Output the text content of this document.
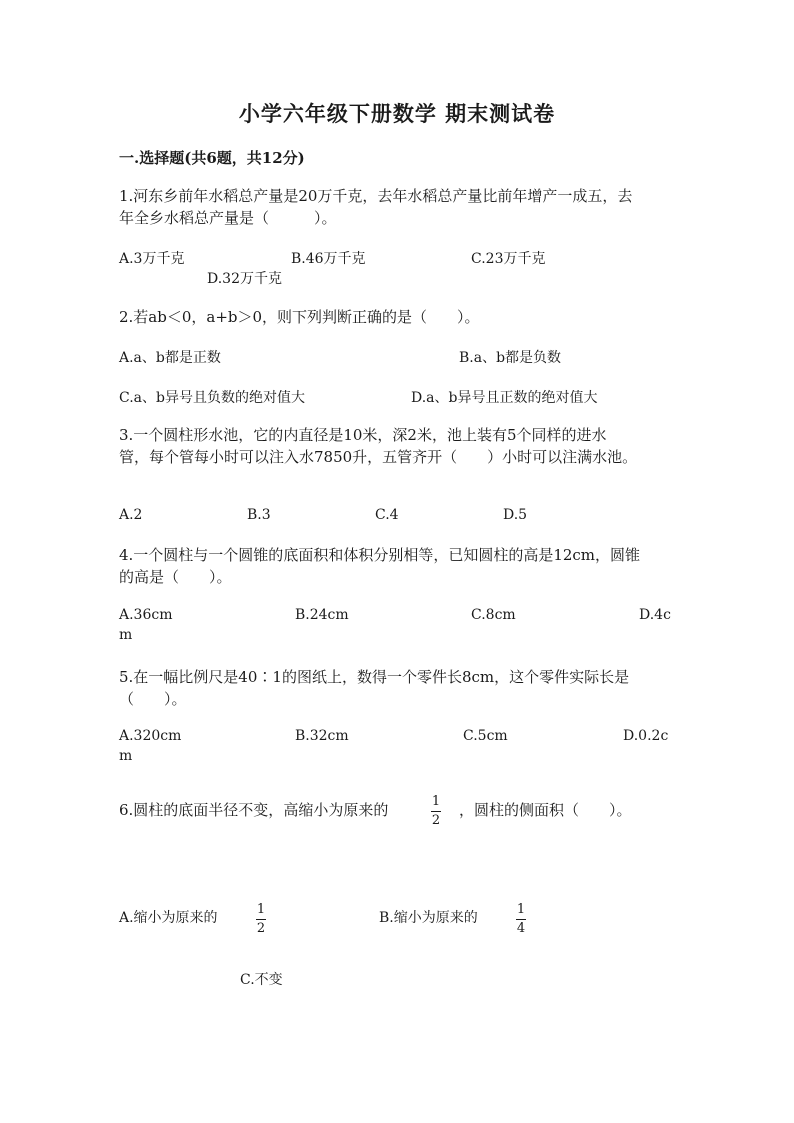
小学六年级下册数学 期末测试卷
一.选择题(共6题，共12分)
1.河东乡前年水稻总产量是20万千克，去年水稻总产量比前年增产一成五，去
年全乡水稻总产量是（　　　）。
A.3万千克	B.46万千克	C.23万千克
D.32万千克
2.若ab＜0，a+b＞0，则下列判断正确的是（　　）。
A.a、b都是正数	B.a、b都是负数
C.a、b异号且负数的绝对值大	D.a、b异号且正数的绝对值大
3.一个圆柱形水池，它的内直径是10米，深2米，池上装有5个同样的进水
管，每个管每小时可以注入水7850升，五管齐开（　　）小时可以注满水池。
A.2	B.3	C.4	D.5
4.一个圆柱与一个圆锥的底面积和体积分别相等，已知圆柱的高是12cm，圆锥
的高是（　　）。
A.36cm	B.24cm	C.8cm	D.4c
m
5.在一幅比例尺是40∶1的图纸上，数得一个零件长8cm，这个零件实际长是
（　　）。
A.320cm	B.32cm	C.5cm	D.0.2c
m
6.圆柱的底面半径不变，高缩小为原来的	1
2
，圆柱的侧面积（　　）。
A.缩小为原来的
1
2
B.缩小为原来的
1
4
C.不变
